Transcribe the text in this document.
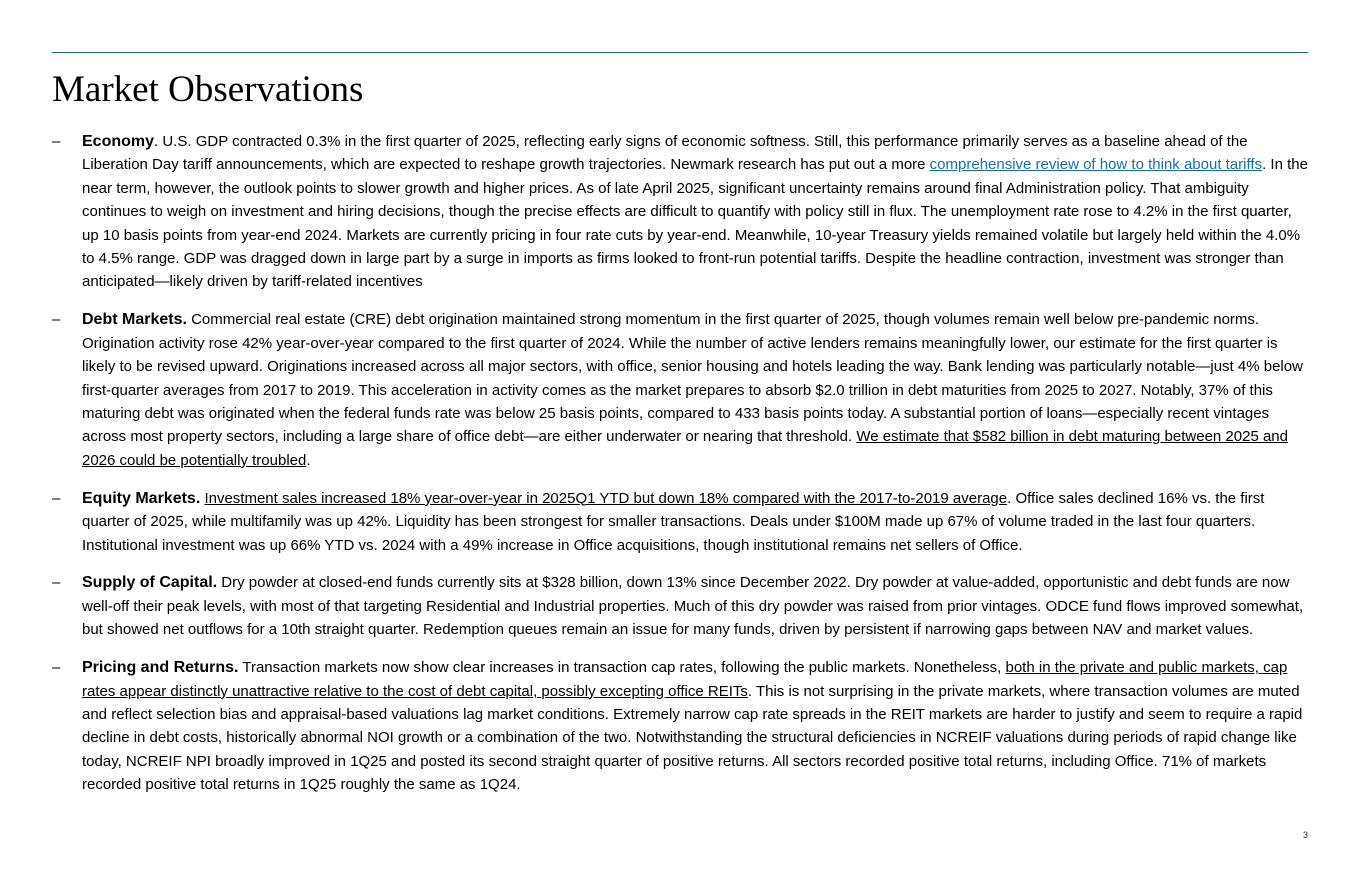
Market Observations
–	Economy. U.S. GDP contracted 0.3% in the first quarter of 2025, reflecting early signs of economic softness. Still, this performance primarily serves as a baseline ahead of the Liberation Day tariff announcements, which are expected to reshape growth trajectories. Newmark research has put out a more comprehensive review of how to think about tariffs. In the near term, however, the outlook points to slower growth and higher prices. As of late April 2025, significant uncertainty remains around final Administration policy. That ambiguity continues to weigh on investment and hiring decisions, though the precise effects are difficult to quantify with policy still in flux. The unemployment rate rose to 4.2% in the first quarter, up 10 basis points from year-end 2024. Markets are currently pricing in four rate cuts by year-end. Meanwhile, 10-year Treasury yields remained volatile but largely held within the 4.0% to 4.5% range. GDP was dragged down in large part by a surge in imports as firms looked to front-run potential tariffs. Despite the headline contraction, investment was stronger than anticipated—likely driven by tariff-related incentives
–	Debt Markets. Commercial real estate (CRE) debt origination maintained strong momentum in the first quarter of 2025, though volumes remain well below pre-pandemic norms. Origination activity rose 42% year-over-year compared to the first quarter of 2024. While the number of active lenders remains meaningfully lower, our estimate for the first quarter is likely to be revised upward. Originations increased across all major sectors, with office, senior housing and hotels leading the way. Bank lending was particularly notable—just 4% below first-quarter averages from 2017 to 2019. This acceleration in activity comes as the market prepares to absorb $2.0 trillion in debt maturities from 2025 to 2027. Notably, 37% of this maturing debt was originated when the federal funds rate was below 25 basis points, compared to 433 basis points today. A substantial portion of loans—especially recent vintages across most property sectors, including a large share of office debt—are either underwater or nearing that threshold. We estimate that $582 billion in debt maturing between 2025 and 2026 could be potentially troubled.
–	Equity Markets. Investment sales increased 18% year-over-year in 2025Q1 YTD but down 18% compared with the 2017-to-2019 average. Office sales declined 16% vs. the first quarter of 2025, while multifamily was up 42%. Liquidity has been strongest for smaller transactions. Deals under $100M made up 67% of volume traded in the last four quarters. Institutional investment was up 66% YTD vs. 2024 with a 49% increase in Office acquisitions, though institutional remains net sellers of Office.
–	Supply of Capital. Dry powder at closed-end funds currently sits at $328 billion, down 13% since December 2022. Dry powder at value-added, opportunistic and debt funds are now well-off their peak levels, with most of that targeting Residential and Industrial properties. Much of this dry powder was raised from prior vintages. ODCE fund flows improved somewhat, but showed net outflows for a 10th straight quarter. Redemption queues remain an issue for many funds, driven by persistent if narrowing gaps between NAV and market values.
–	Pricing and Returns. Transaction markets now show clear increases in transaction cap rates, following the public markets. Nonetheless, both in the private and public markets, cap rates appear distinctly unattractive relative to the cost of debt capital, possibly excepting office REITs. This is not surprising in the private markets, where transaction volumes are muted and reflect selection bias and appraisal-based valuations lag market conditions. Extremely narrow cap rate spreads in the REIT markets are harder to justify and seem to require a rapid decline in debt costs, historically abnormal NOI growth or a combination of the two. Notwithstanding the structural deficiencies in NCREIF valuations during periods of rapid change like today, NCREIF NPI broadly improved in 1Q25 and posted its second straight quarter of positive returns. All sectors recorded positive total returns, including Office. 71% of markets recorded positive total returns in 1Q25 roughly the same as 1Q24.
3
